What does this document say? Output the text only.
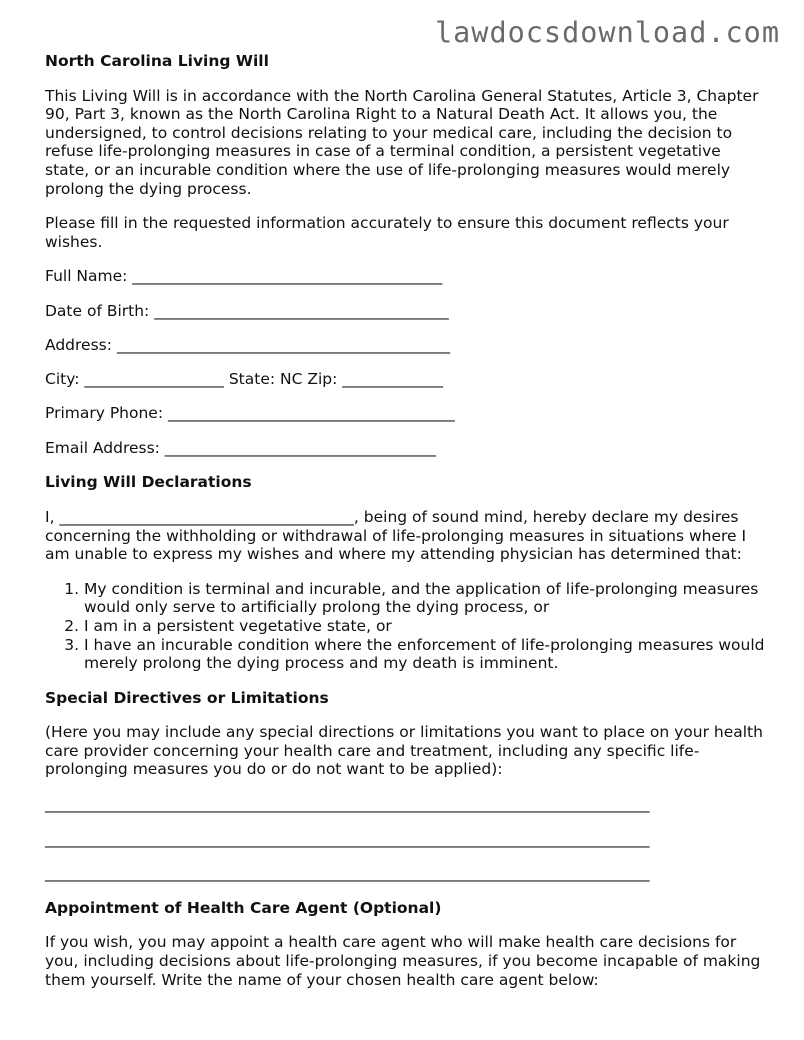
lawdocsdownload.com
North Carolina Living Will

This Living Will is in accordance with the North Carolina General Statutes, Article 3, Chapter 90, Part 3, known as the North Carolina Right to a Natural Death Act. It allows you, the undersigned, to control decisions relating to your medical care, including the decision to refuse life-prolonging measures in case of a terminal condition, a persistent vegetative state, or an incurable condition where the use of life-prolonging measures would merely prolong the dying process.

Please fill in the requested information accurately to ensure this document reflects your wishes.

Full Name: ________________________________________
Date of Birth: ______________________________________
Address: ___________________________________________
City: __________________ State: NC Zip: _____________
Primary Phone: _____________________________________
Email Address: ___________________________________
Living Will Declarations

I, ______________________________________, being of sound mind, hereby declare my desires concerning the withholding or withdrawal of life-prolonging measures in situations where I am unable to express my wishes and where my attending physician has determined that:

1. My condition is terminal and incurable, and the application of life-prolonging measures would only serve to artificially prolong the dying process, or
2. I am in a persistent vegetative state, or
3. I have an incurable condition where the enforcement of life-prolonging measures would merely prolong the dying process and my death is imminent.
Special Directives or Limitations

(Here you may include any special directions or limitations you want to place on your health care provider concerning your health care and treatment, including any specific life-prolonging measures you do or do not want to be applied):

______________________________________________________________________________
______________________________________________________________________________
______________________________________________________________________________
Appointment of Health Care Agent (Optional)

If you wish, you may appoint a health care agent who will make health care decisions for you, including decisions about life-prolonging measures, if you become incapable of making them yourself. Write the name of your chosen health care agent below:
